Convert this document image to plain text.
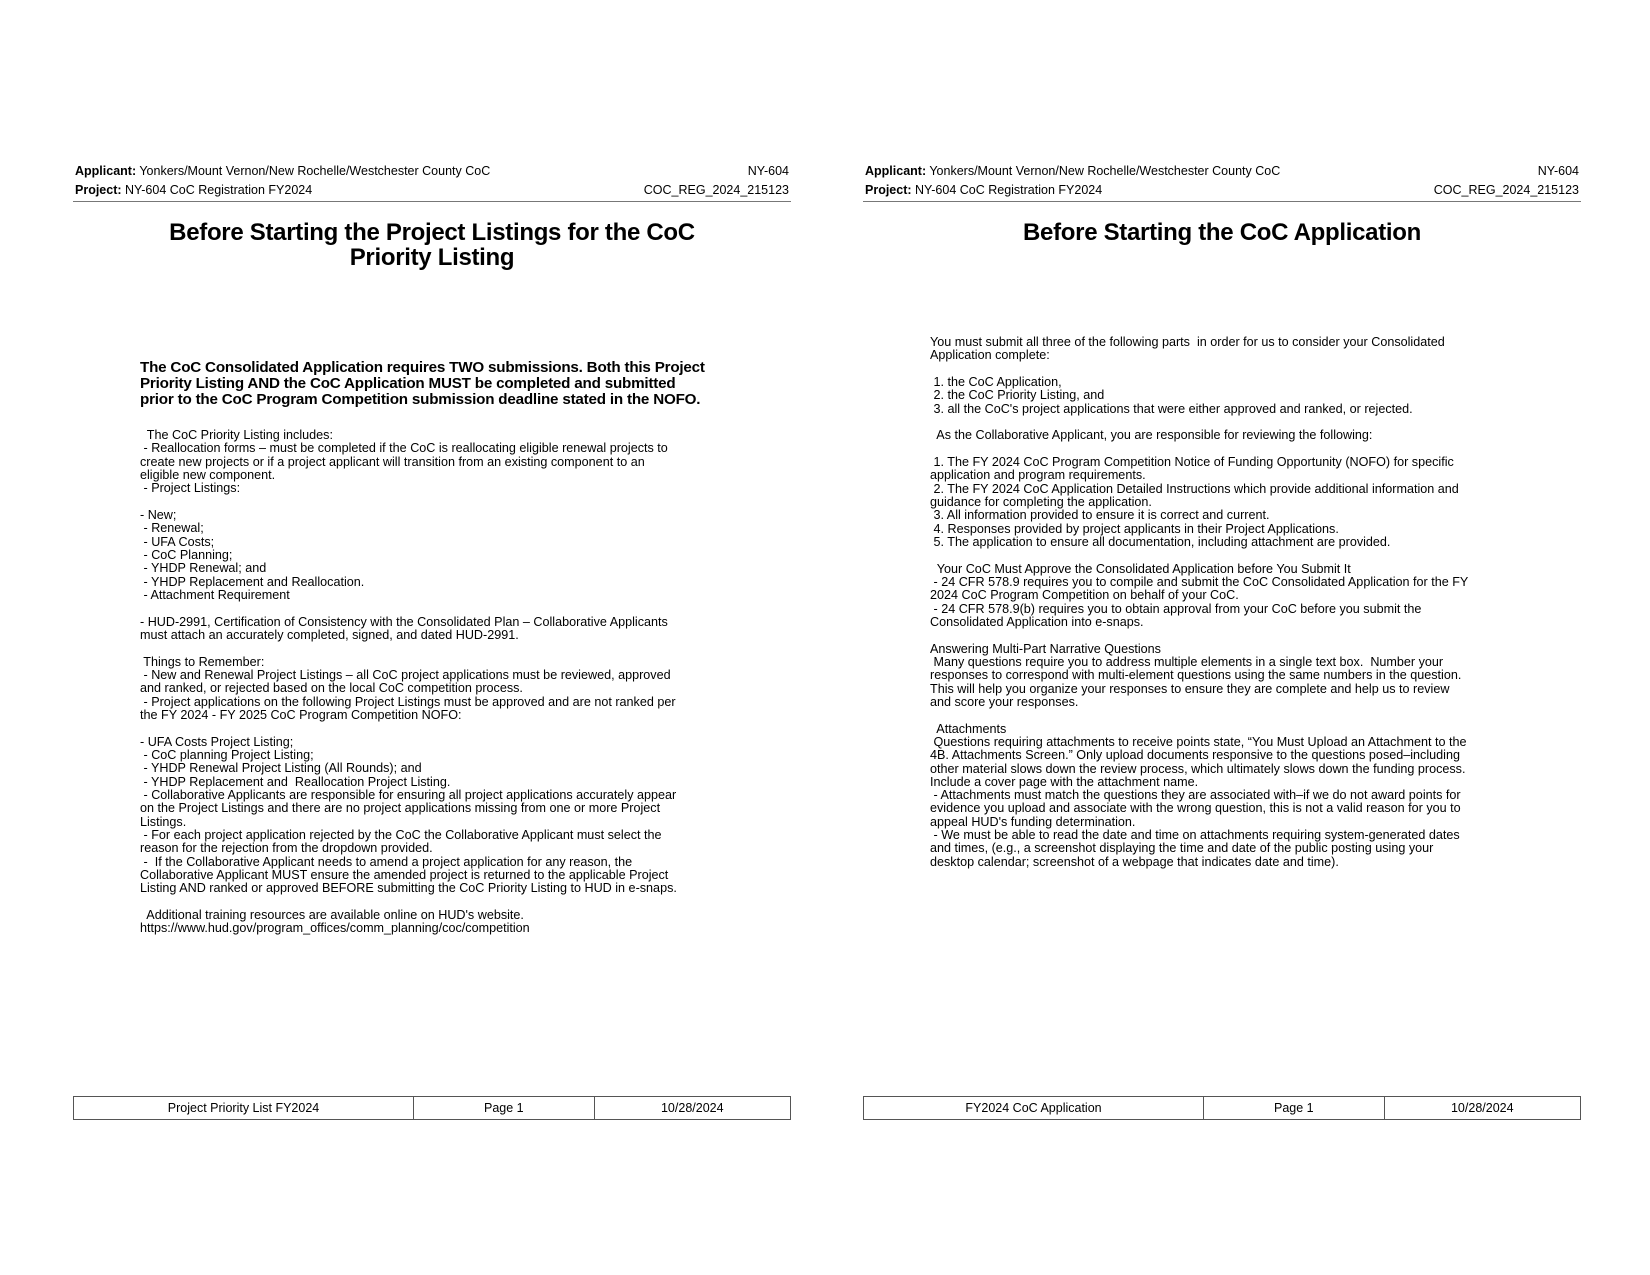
Applicant: Yonkers/Mount Vernon/New Rochelle/Westchester County CoC	NY-604
Project: NY-604 CoC Registration FY2024	COC_REG_2024_215123
Before Starting the Project Listings for the CoC
Priority Listing
The CoC Consolidated Application requires TWO submissions. Both this Project
Priority Listing AND the CoC Application MUST be completed and submitted
prior to the CoC Program Competition submission deadline stated in the NOFO.
The CoC Priority Listing includes:
- Reallocation forms – must be completed if the CoC is reallocating eligible renewal projects to
create new projects or if a project applicant will transition from an existing component to an
eligible new component.
- Project Listings:
- New;
- Renewal;
- UFA Costs;
- CoC Planning;
- YHDP Renewal; and
- YHDP Replacement and Reallocation.
- Attachment Requirement
- HUD-2991, Certification of Consistency with the Consolidated Plan – Collaborative Applicants
must attach an accurately completed, signed, and dated HUD-2991.
Things to Remember:
- New and Renewal Project Listings – all CoC project applications must be reviewed, approved
and ranked, or rejected based on the local CoC competition process.
- Project applications on the following Project Listings must be approved and are not ranked per
the FY 2024 - FY 2025 CoC Program Competition NOFO:
- UFA Costs Project Listing;
- CoC planning Project Listing;
- YHDP Renewal Project Listing (All Rounds); and
- YHDP Replacement and  Reallocation Project Listing.
- Collaborative Applicants are responsible for ensuring all project applications accurately appear
on the Project Listings and there are no project applications missing from one or more Project
Listings.
- For each project application rejected by the CoC the Collaborative Applicant must select the
reason for the rejection from the dropdown provided.
-  If the Collaborative Applicant needs to amend a project application for any reason, the
Collaborative Applicant MUST ensure the amended project is returned to the applicable Project
Listing AND ranked or approved BEFORE submitting the CoC Priority Listing to HUD in e-snaps.
Additional training resources are available online on HUD's website.
https://www.hud.gov/program_offices/comm_planning/coc/competition
Project Priority List FY2024	Page 1	10/28/2024
Applicant: Yonkers/Mount Vernon/New Rochelle/Westchester County CoC	NY-604
Project: NY-604 CoC Registration FY2024	COC_REG_2024_215123
Before Starting the CoC Application
You must submit all three of the following parts  in order for us to consider your Consolidated
Application complete:
1. the CoC Application,
2. the CoC Priority Listing, and
3. all the CoC's project applications that were either approved and ranked, or rejected.
As the Collaborative Applicant, you are responsible for reviewing the following:
1. The FY 2024 CoC Program Competition Notice of Funding Opportunity (NOFO) for specific
application and program requirements.
2. The FY 2024 CoC Application Detailed Instructions which provide additional information and
guidance for completing the application.
3. All information provided to ensure it is correct and current.
4. Responses provided by project applicants in their Project Applications.
5. The application to ensure all documentation, including attachment are provided.
Your CoC Must Approve the Consolidated Application before You Submit It
- 24 CFR 578.9 requires you to compile and submit the CoC Consolidated Application for the FY
2024 CoC Program Competition on behalf of your CoC.
- 24 CFR 578.9(b) requires you to obtain approval from your CoC before you submit the
Consolidated Application into e-snaps.
Answering Multi-Part Narrative Questions
Many questions require you to address multiple elements in a single text box.  Number your
responses to correspond with multi-element questions using the same numbers in the question.
This will help you organize your responses to ensure they are complete and help us to review
and score your responses.
Attachments
Questions requiring attachments to receive points state, “You Must Upload an Attachment to the
4B. Attachments Screen.” Only upload documents responsive to the questions posed–including
other material slows down the review process, which ultimately slows down the funding process.
Include a cover page with the attachment name.
- Attachments must match the questions they are associated with–if we do not award points for
evidence you upload and associate with the wrong question, this is not a valid reason for you to
appeal HUD's funding determination.
- We must be able to read the date and time on attachments requiring system-generated dates
and times, (e.g., a screenshot displaying the time and date of the public posting using your
desktop calendar; screenshot of a webpage that indicates date and time).
FY2024 CoC Application	Page 1	10/28/2024
